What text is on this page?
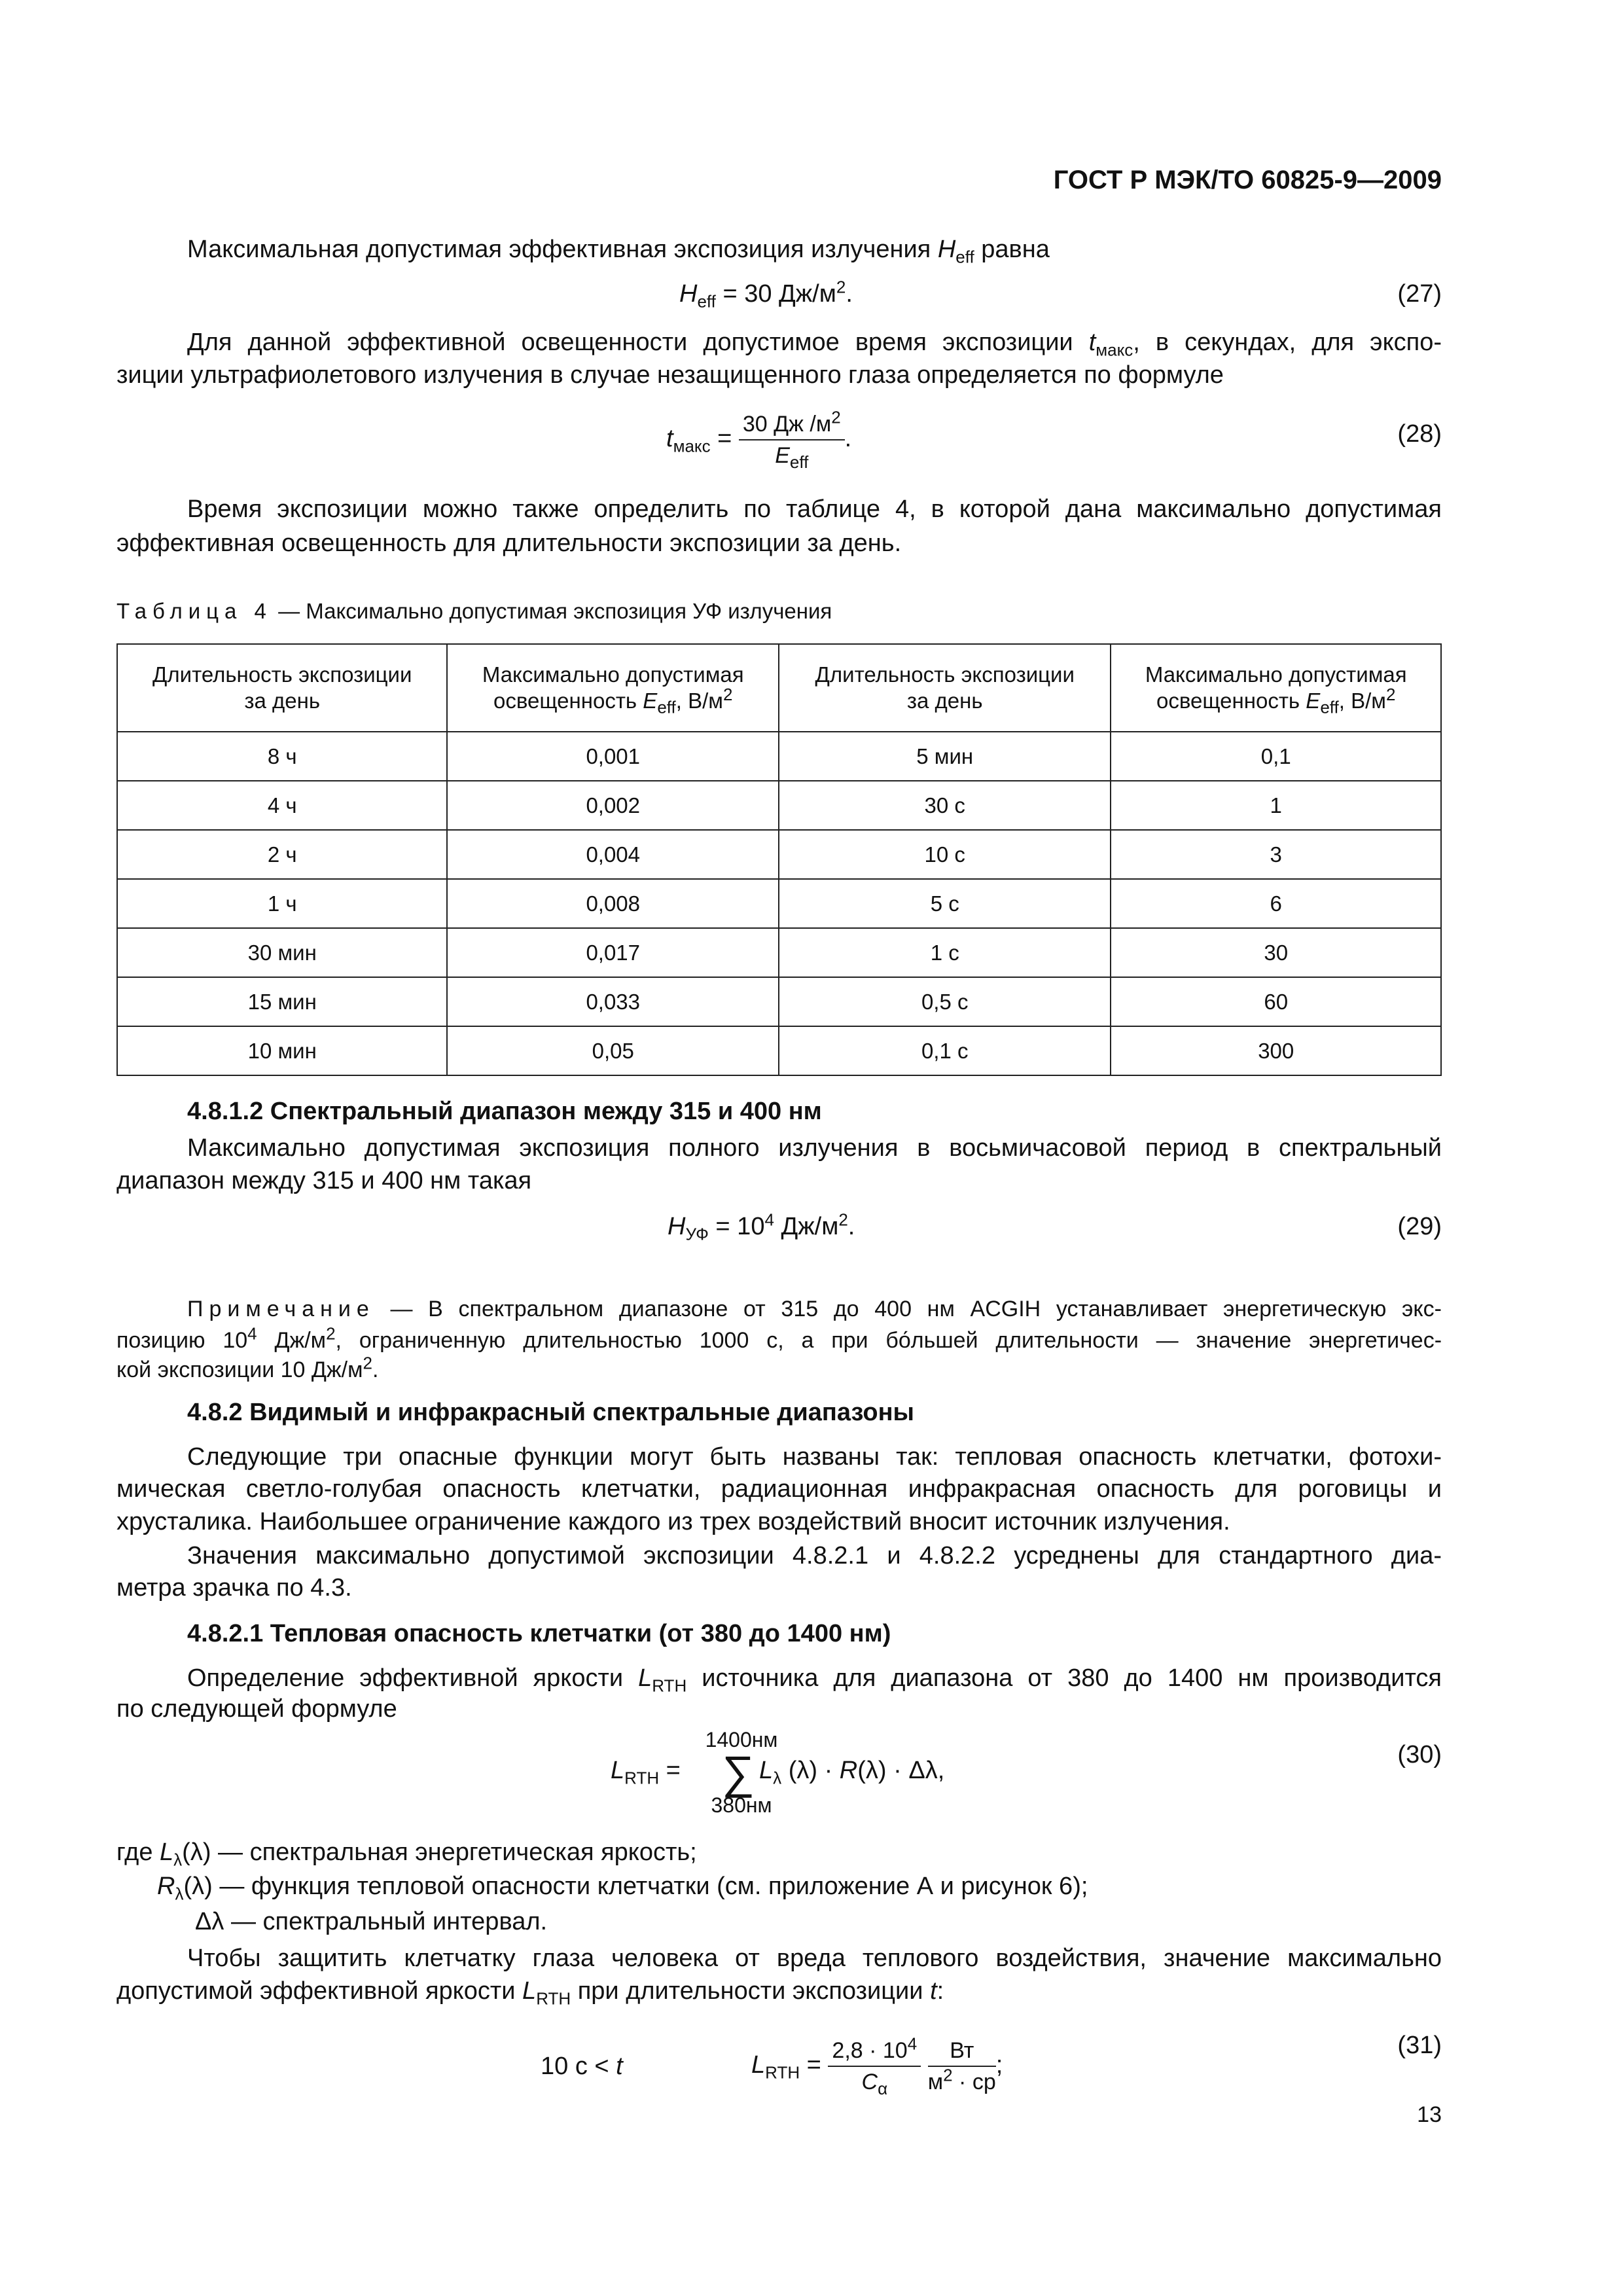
ГОСТ Р МЭК/ТО 60825-9—2009
Максимальная допустимая эффективная экспозиция излучения $H_{eff}$ равна
$H_{eff} = 30$ $Дж/м^2$.	(27)
Для данной эффективной освещенности допустимое время экспозиции $t_{макс}$, в секундах, для экспо-
зиции ультрафиолетового излучения в случае незащищенного глаза определяется по формуле
$t_{макс} = \frac{30 Дж /м^2}{E_{eff}}$ .	(28)
Время экспозиции можно также определить по таблице 4, в которой дана максимально допустимая
эффективная освещенность для длительности экспозиции за день.
Таблица 4 — Максимально допустимая экспозиция УФ излучения
Длительность экспозиции
за день	Максимально допустимая
освещенность $E_{eff}$, $В/м^2$	Длительность экспозиции
за день	Максимально допустимая
освещенность $E_{eff}$, $В/м^2$
8 ч	0,001	5 мин	0,1
4 ч	0,002	30 с	1
2 ч	0,004	10 с	3
1 ч	0,008	5 с	6
30 мин	0,017	1 с	30
15 мин	0,033	0,5 с	60
10 мин	0,05	0,1 с	300
4.8.1.2 Спектральный диапазон между 315 и 400 нм
Максимально допустимая экспозиция полного излучения в восьмичасовой период в спектральный
диапазон между 315 и 400 нм такая
$H_{УФ} = 10^4$ $Дж/м^2$.	(29)
Примечание — В спектральном диапазоне от 315 до 400 нм ACGIH устанавливает энергетическую экс-
позицию $10^4$ $Дж/м^2$, ограниченную длительностью 1000 с, а при бо́льшей длительности — значение энергетичес-
кой экспозиции 10 $Дж/м^2$.
4.8.2 Видимый и инфракрасный спектральные диапазоны
Следующие три опасные функции могут быть названы так: тепловая опасность клетчатки, фотохи-
мическая светло-голубая опасность клетчатки, радиационная инфракрасная опасность для роговицы и
хрусталика. Наибольшее ограничение каждого из трех воздействий вносит источник излучения.
Значения максимально допустимой экспозиции 4.8.2.1 и 4.8.2.2 усреднены для стандартного диа-
метра зрачка по 4.3.
4.8.2.1 Тепловая опасность клетчатки (от 380 до 1400 нм)
Определение эффективной яркости $L_{RTH}$ источника для диапазона от 380 до 1400 нм производится
по следующей формуле
$L_{RTH}$ =
1400нм
∑
380нм
$L_\lambda$ (λ) · R(λ) · Δλ,
(30)
где $L_\lambda(\lambda)$ — спектральная энергетическая яркость;
$R_\lambda(\lambda)$ — функция тепловой опасности клетчатки (см. приложение А и рисунок 6);
Δλ — спектральный интервал.
Чтобы защитить клетчатку глаза человека от вреда теплового воздействия, значение максимально
допустимой эффективной яркости $L_{RTH}$ при длительности экспозиции t:
10 с < t	$L_{RTH} = \frac{2,8 \cdot 10^4}{C_\alpha}$
$\frac{Вт}{м^2 \cdot ср}$ ;
(31)
13
